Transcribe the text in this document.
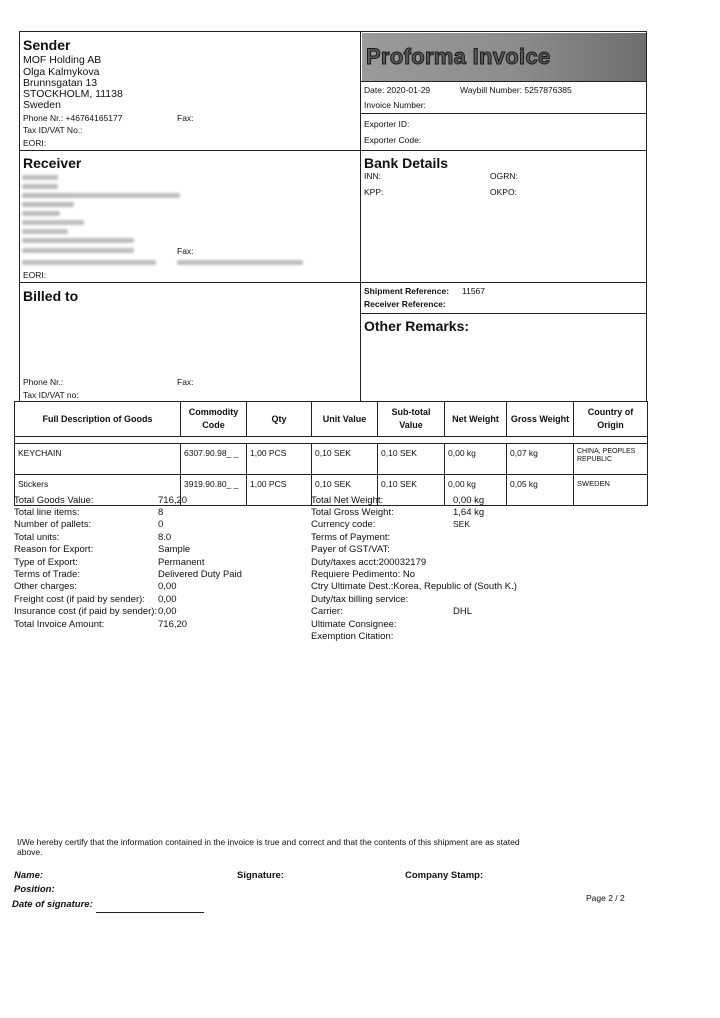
Sender
MOF Holding AB
Olga Kalmykova
Brunnsgatan 13
STOCKHOLM, 11138
Sweden
Phone Nr.: +46764165177	Fax:
Tax ID/VAT No.:
EORI:
Proforma Invoice
Date: 2020-01-29	Waybill Number: 5257876385
Invoice Number:
Exporter ID:
Exporter Code:
Receiver
Fax:
EORI:
Bank Details
INN:	OGRN:
KPP:	OKPO:
Billed to
Phone Nr.:	Fax:
Tax ID/VAT no:
Shipment Reference: 11567
Receiver Reference:
Other Remarks:
Full Description of Goods	Commodity Code	Qty	Unit Value	Sub-total Value	Net Weight	Gross Weight	Country of Origin

KEYCHAIN	6307.90.98_ _	1,00 PCS	0,10 SEK	0,10 SEK	0,00 kg	0,07 kg	CHINA, PEOPLES REPUBLIC
Stickers	3919.90.80_ _	1,00 PCS	0,10 SEK	0,10 SEK	0,00 kg	0,05 kg	SWEDEN
Total Goods Value:	716,20
Total line items:	8
Number of pallets:	0
Total units:	8.0
Reason for Export:	Sample
Type of Export:	Permanent
Terms of Trade:	Delivered Duty Paid
Other charges:	0,00
Freight cost (if paid by sender): 0,00
Insurance cost (if paid by sender): 0,00
Total Invoice Amount:	716,20
Total Net Weight:	0,00 kg
Total Gross Weight:	1,64 kg
Currency code:	SEK
Terms of Payment:
Payer of GST/VAT:
Duty/taxes acct:200032179
Requiere Pedimento: No
Ctry Ultimate Dest.:Korea, Republic of (South K.)
Duty/tax billing service:
Carrier:	DHL
Ultimate Consignee:
Exemption Citation:
I/We hereby certify that the information contained in the invoice is true and correct and that the contents of this shipment are as stated
above.
Name:	Signature:	Company Stamp:
Position:
Date of signature:
Page 2 / 2
